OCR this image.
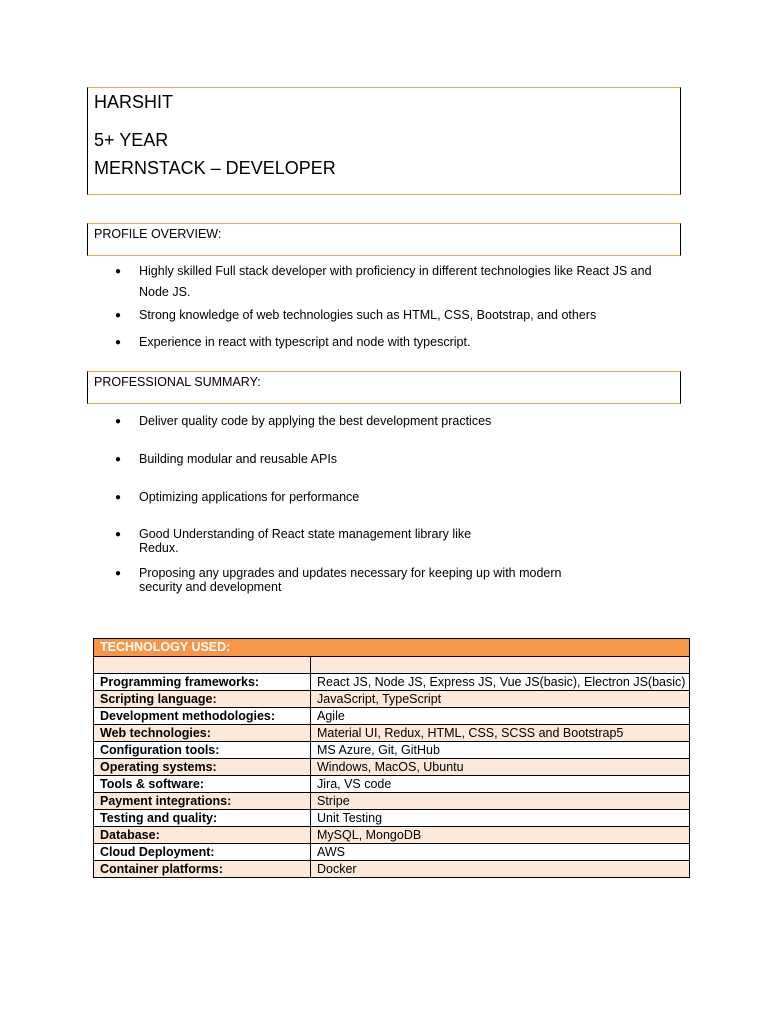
HARSHIT
5+ YEAR
MERNSTACK – DEVELOPER
PROFILE OVERVIEW:
● Highly skilled Full stack developer with proficiency in different technologies like React JS and Node JS.
● Strong knowledge of web technologies such as HTML, CSS, Bootstrap, and others
● Experience in react with typescript and node with typescript.
PROFESSIONAL SUMMARY:
● Deliver quality code by applying the best development practices
● Building modular and reusable APIs
● Optimizing applications for performance
● Good Understanding of React state management library like Redux.
● Proposing any upgrades and updates necessary for keeping up with modern security and development
TECHNOLOGY USED:	

Programming frameworks:	React JS, Node JS, Express JS, Vue JS(basic), Electron JS(basic)
Scripting language:	JavaScript, TypeScript
Development methodologies:	Agile
Web technologies:	Material UI, Redux, HTML, CSS, SCSS and Bootstrap5
Configuration tools:	MS Azure, Git, GitHub
Operating systems:	Windows, MacOS, Ubuntu
Tools & software:	Jira, VS code
Payment integrations:	Stripe
Testing and quality:	Unit Testing
Database:	MySQL, MongoDB
Cloud Deployment:	AWS
Container platforms:	Docker
